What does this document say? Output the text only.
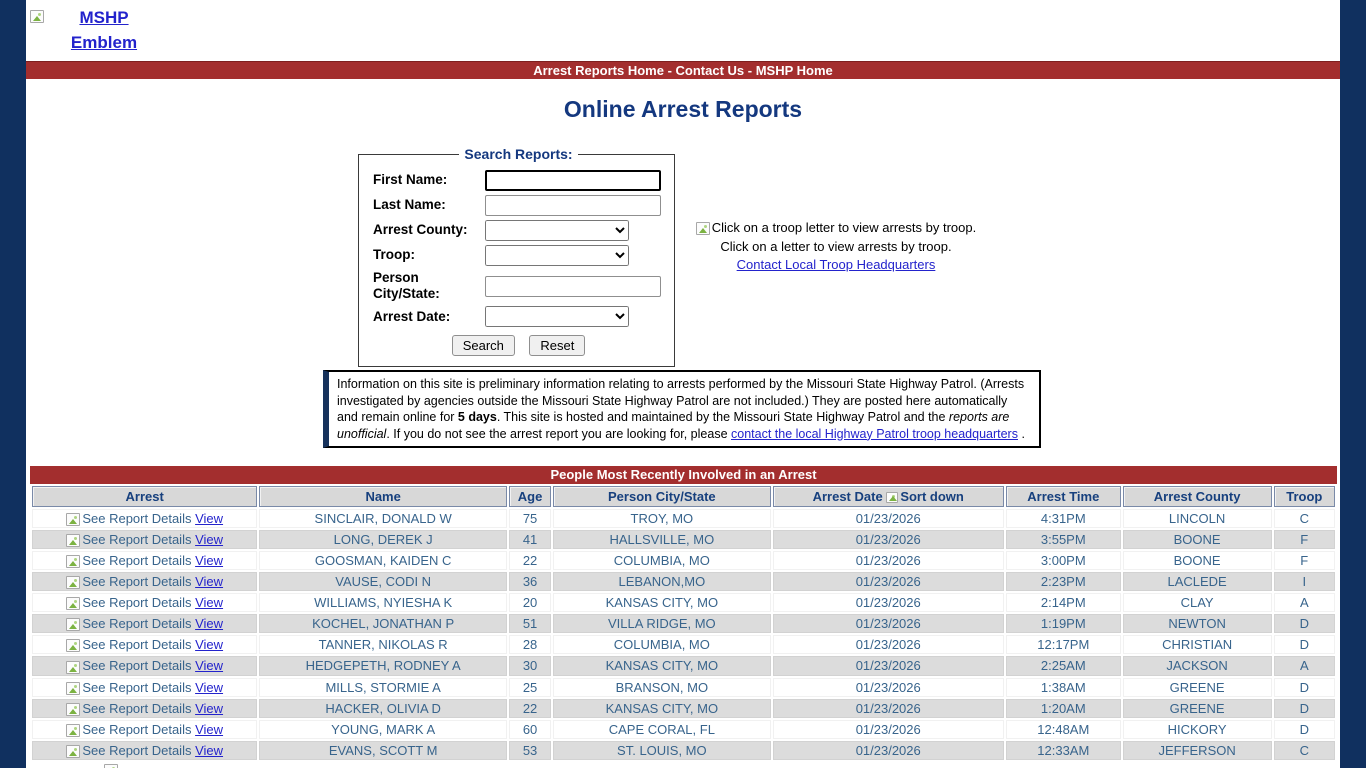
MSHP Emblem
Arrest Reports Home - Contact Us - MSHP Home
Online Arrest Reports
Search Reports:
First Name:
Last Name:
Arrest County:
Troop:
Person City/State:
Arrest Date:
Search	Reset
Click on a troop letter to view arrests by troop.
Click on a letter to view arrests by troop.
Contact Local Troop Headquarters
Information on this site is preliminary information relating to arrests performed by the Missouri State Highway Patrol. (Arrests investigated by agencies outside the Missouri State Highway Patrol are not included.) They are posted here automatically and remain online for 5 days. This site is hosted and maintained by the Missouri State Highway Patrol and the reports are unofficial. If you do not see the arrest report you are looking for, please contact the local Highway Patrol troop headquarters .
People Most Recently Involved in an Arrest
Arrest	Name	Age	Person City/State	Arrest Date Sort down	Arrest Time	Arrest County	Troop
See Report Details View	SINCLAIR, DONALD W	75	TROY, MO	01/23/2026	4:31PM	LINCOLN	C
See Report Details View	LONG, DEREK J	41	HALLSVILLE, MO	01/23/2026	3:55PM	BOONE	F
See Report Details View	GOOSMAN, KAIDEN C	22	COLUMBIA, MO	01/23/2026	3:00PM	BOONE	F
See Report Details View	VAUSE, CODI N	36	LEBANON,MO	01/23/2026	2:23PM	LACLEDE	I
See Report Details View	WILLIAMS, NYIESHA K	20	KANSAS CITY, MO	01/23/2026	2:14PM	CLAY	A
See Report Details View	KOCHEL, JONATHAN P	51	VILLA RIDGE, MO	01/23/2026	1:19PM	NEWTON	D
See Report Details View	TANNER, NIKOLAS R	28	COLUMBIA, MO	01/23/2026	12:17PM	CHRISTIAN	D
See Report Details View	HEDGEPETH, RODNEY A	30	KANSAS CITY, MO	01/23/2026	2:25AM	JACKSON	A
See Report Details View	MILLS, STORMIE A	25	BRANSON, MO	01/23/2026	1:38AM	GREENE	D
See Report Details View	HACKER, OLIVIA D	22	KANSAS CITY, MO	01/23/2026	1:20AM	GREENE	D
See Report Details View	YOUNG, MARK A	60	CAPE CORAL, FL	01/23/2026	12:48AM	HICKORY	D
See Report Details View	EVANS, SCOTT M	53	ST. LOUIS, MO	01/23/2026	12:33AM	JEFFERSON	C
